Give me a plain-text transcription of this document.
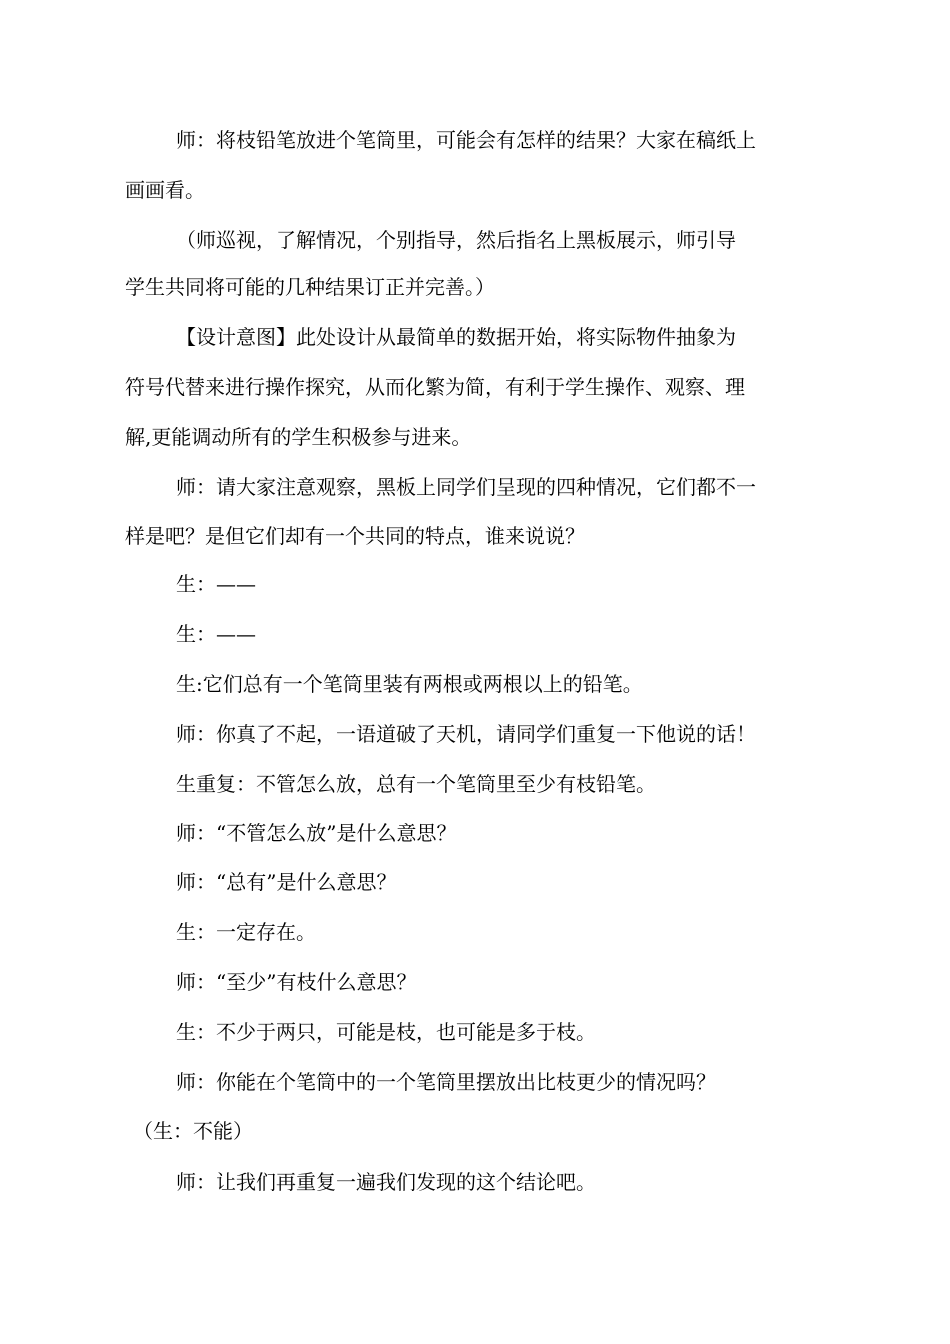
师：将枝铅笔放进个笔筒里，可能会有怎样的结果？大家在稿纸上

画画看。

（师巡视，了解情况，个别指导，然后指名上黑板展示，师引导

学生共同将可能的几种结果订正并完善。）

【设计意图】此处设计从最简单的数据开始，将实际物件抽象为

符号代替来进行操作探究，从而化繁为简，有利于学生操作、观察、理

解,更能调动所有的学生积极参与进来。

师：请大家注意观察，黑板上同学们呈现的四种情况，它们都不一

样是吧？是但它们却有一个共同的特点，谁来说说？

生：——

生：——

生:它们总有一个笔筒里装有两根或两根以上的铅笔。

师：你真了不起，一语道破了天机，请同学们重复一下他说的话！

生重复：不管怎么放，总有一个笔筒里至少有枝铅笔。

师：“不管怎么放”是什么意思？

师：“总有”是什么意思？

生：一定存在。

师：“至少”有枝什么意思？

生：不少于两只，可能是枝，也可能是多于枝。

师：你能在个笔筒中的一个笔筒里摆放出比枝更少的情况吗？

（生：不能）

师：让我们再重复一遍我们发现的这个结论吧。
